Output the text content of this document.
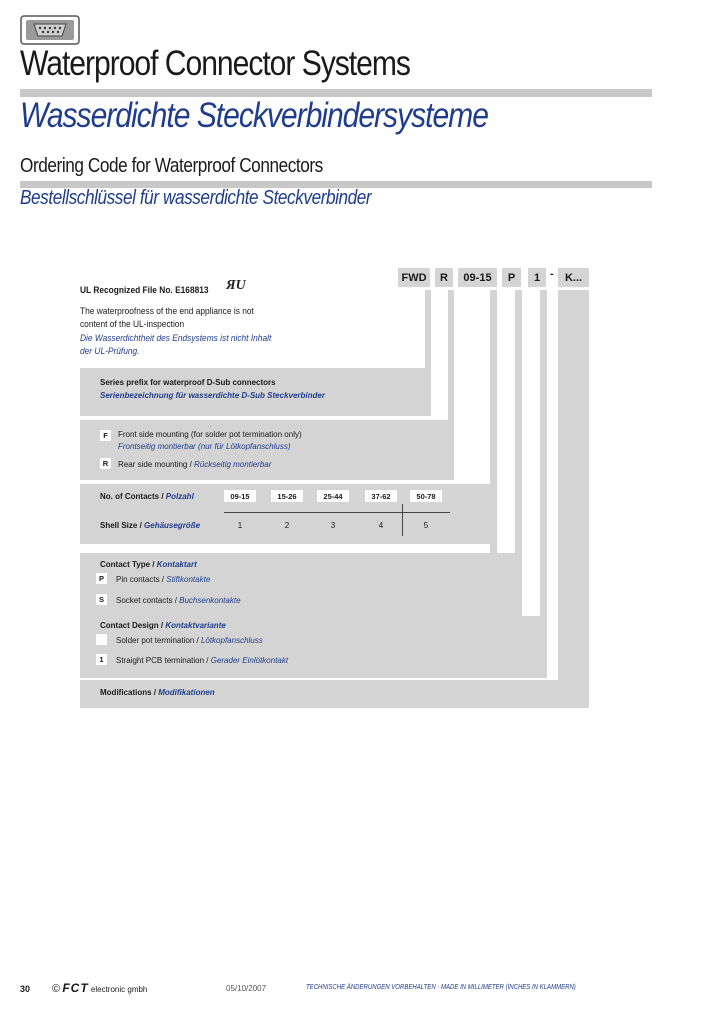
Waterproof Connector Systems
Wasserdichte Steckverbindersysteme
Ordering Code for Waterproof Connectors
Bestellschlüssel für wasserdichte Steckverbinder
FWD	R	09-15	P	1 -	K...
UL Recognized File No. E168813 ЯU
The waterproofness of the end appliance is not
content of the UL-inspection
Die Wasserdichtheit des Endsystems ist nicht Inhalt
der UL-Prüfung.
Series prefix for waterproof D-Sub connectors
Serienbezeichnung für wasserdichte D-Sub Steckverbinder
F	Front side mounting (for solder pot termination only)
Frontseitig montierbar (nur für Lötkopfanschluss)
R	Rear side mounting / Rückseitig montierbar
No. of Contacts / Polzahl	09-15	15-26	25-44	37-62	50-78
Shell Size / Gehäusegröße	1	2	3	4	5
Contact Type / Kontaktart
P	Pin contacts / Stiftkontakte
S	Socket contacts / Buchsenkontakte
Contact Design / Kontaktvariante
Solder pot termination / Lötkopfanschluss
1	Straight PCB termination / Gerader Einlötkontakt
Modifications / Modifikationen
30 © FCT electronic gmbh	05/10/2007	TECHNISCHE ÄNDERUNGEN VORBEHALTEN · MADE IN MILLIMETER (INCHES IN KLAMMERN)
